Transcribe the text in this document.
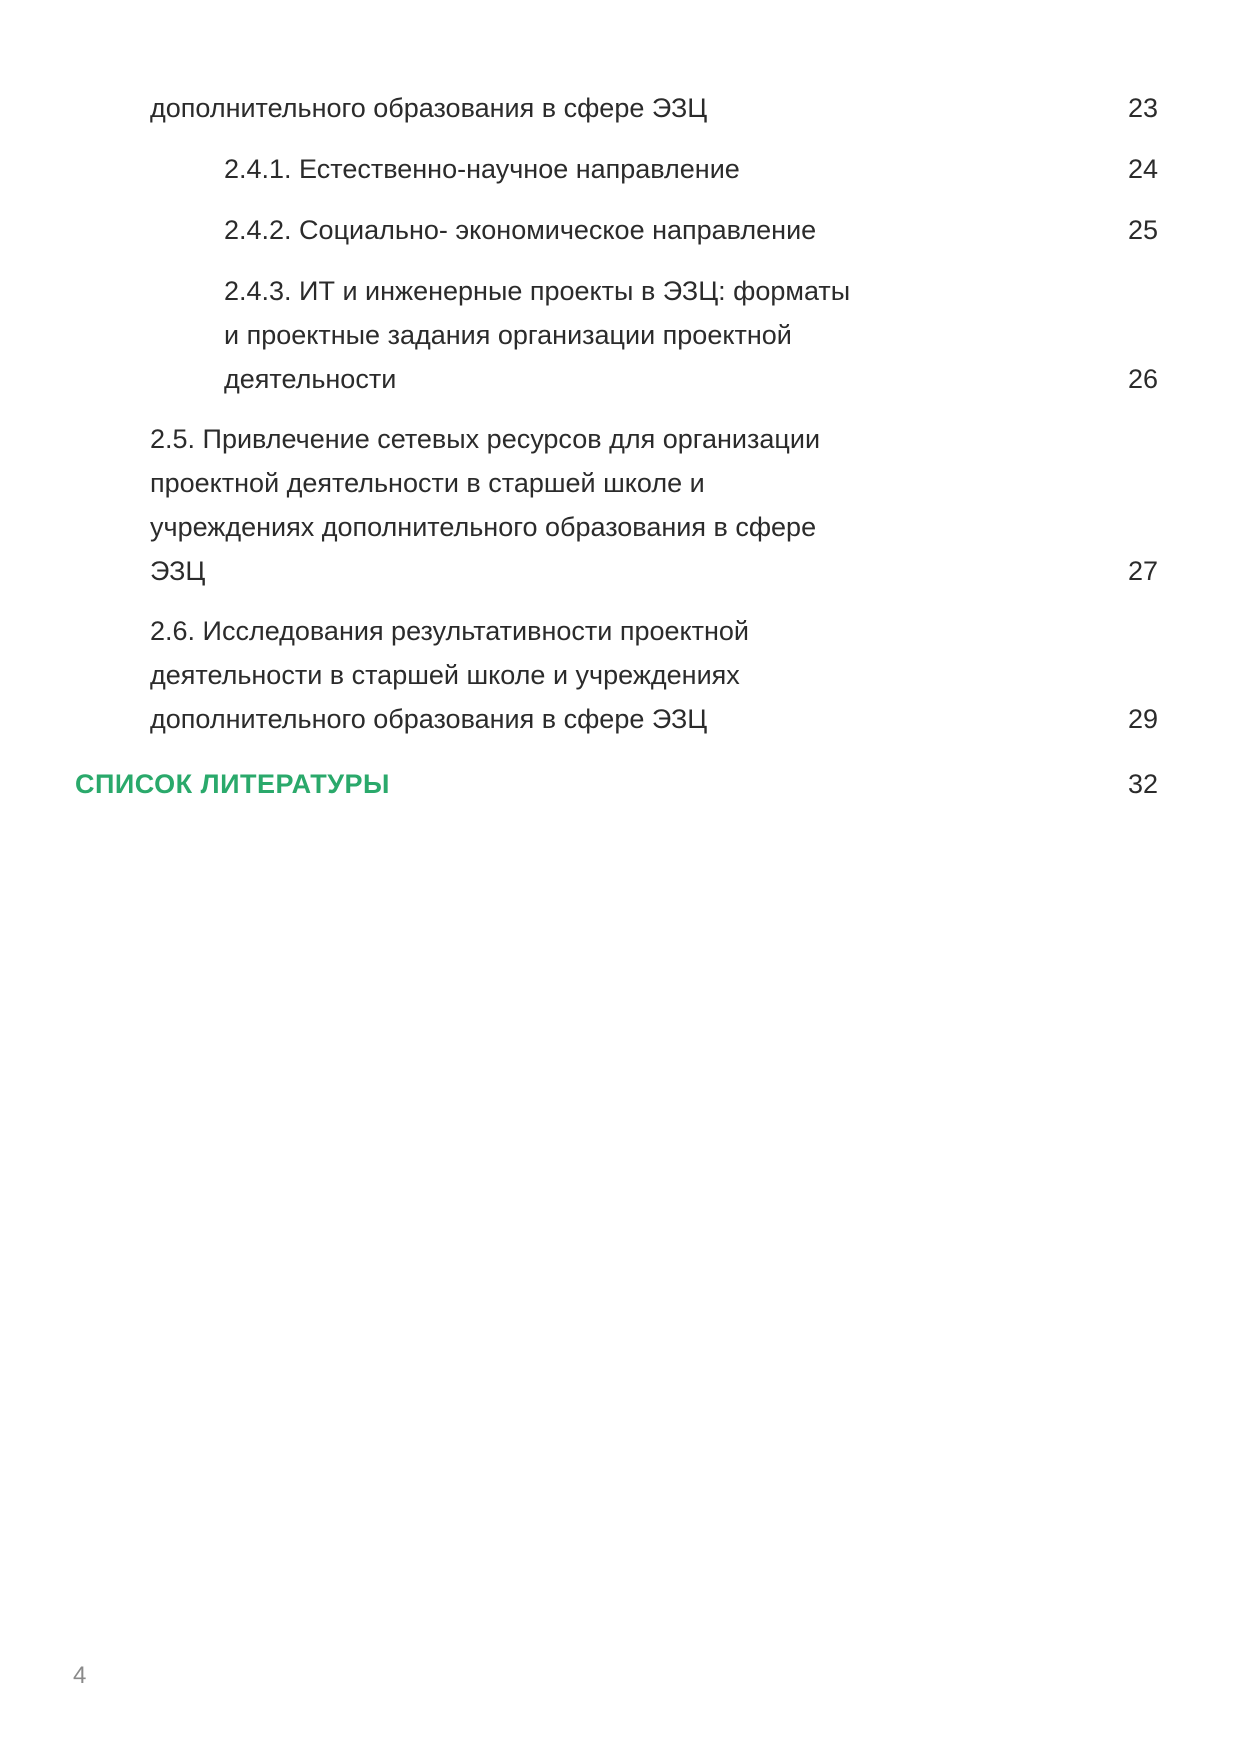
дополнительного образования в сфере ЭЗЦ	23
2.4.1. Естественно-научное направление	24
2.4.2. Социально- экономическое направление	25
2.4.3. ИТ и инженерные проекты в ЭЗЦ: форматы
и проектные задания организации проектной
деятельности	26
2.5. Привлечение сетевых ресурсов для организации
проектной деятельности в старшей школе и
учреждениях дополнительного образования в сфере
ЭЗЦ	27
2.6. Исследования результативности проектной
деятельности в старшей школе и учреждениях
дополнительного образования в сфере ЭЗЦ	29
СПИСОК ЛИТЕРАТУРЫ	32
4
